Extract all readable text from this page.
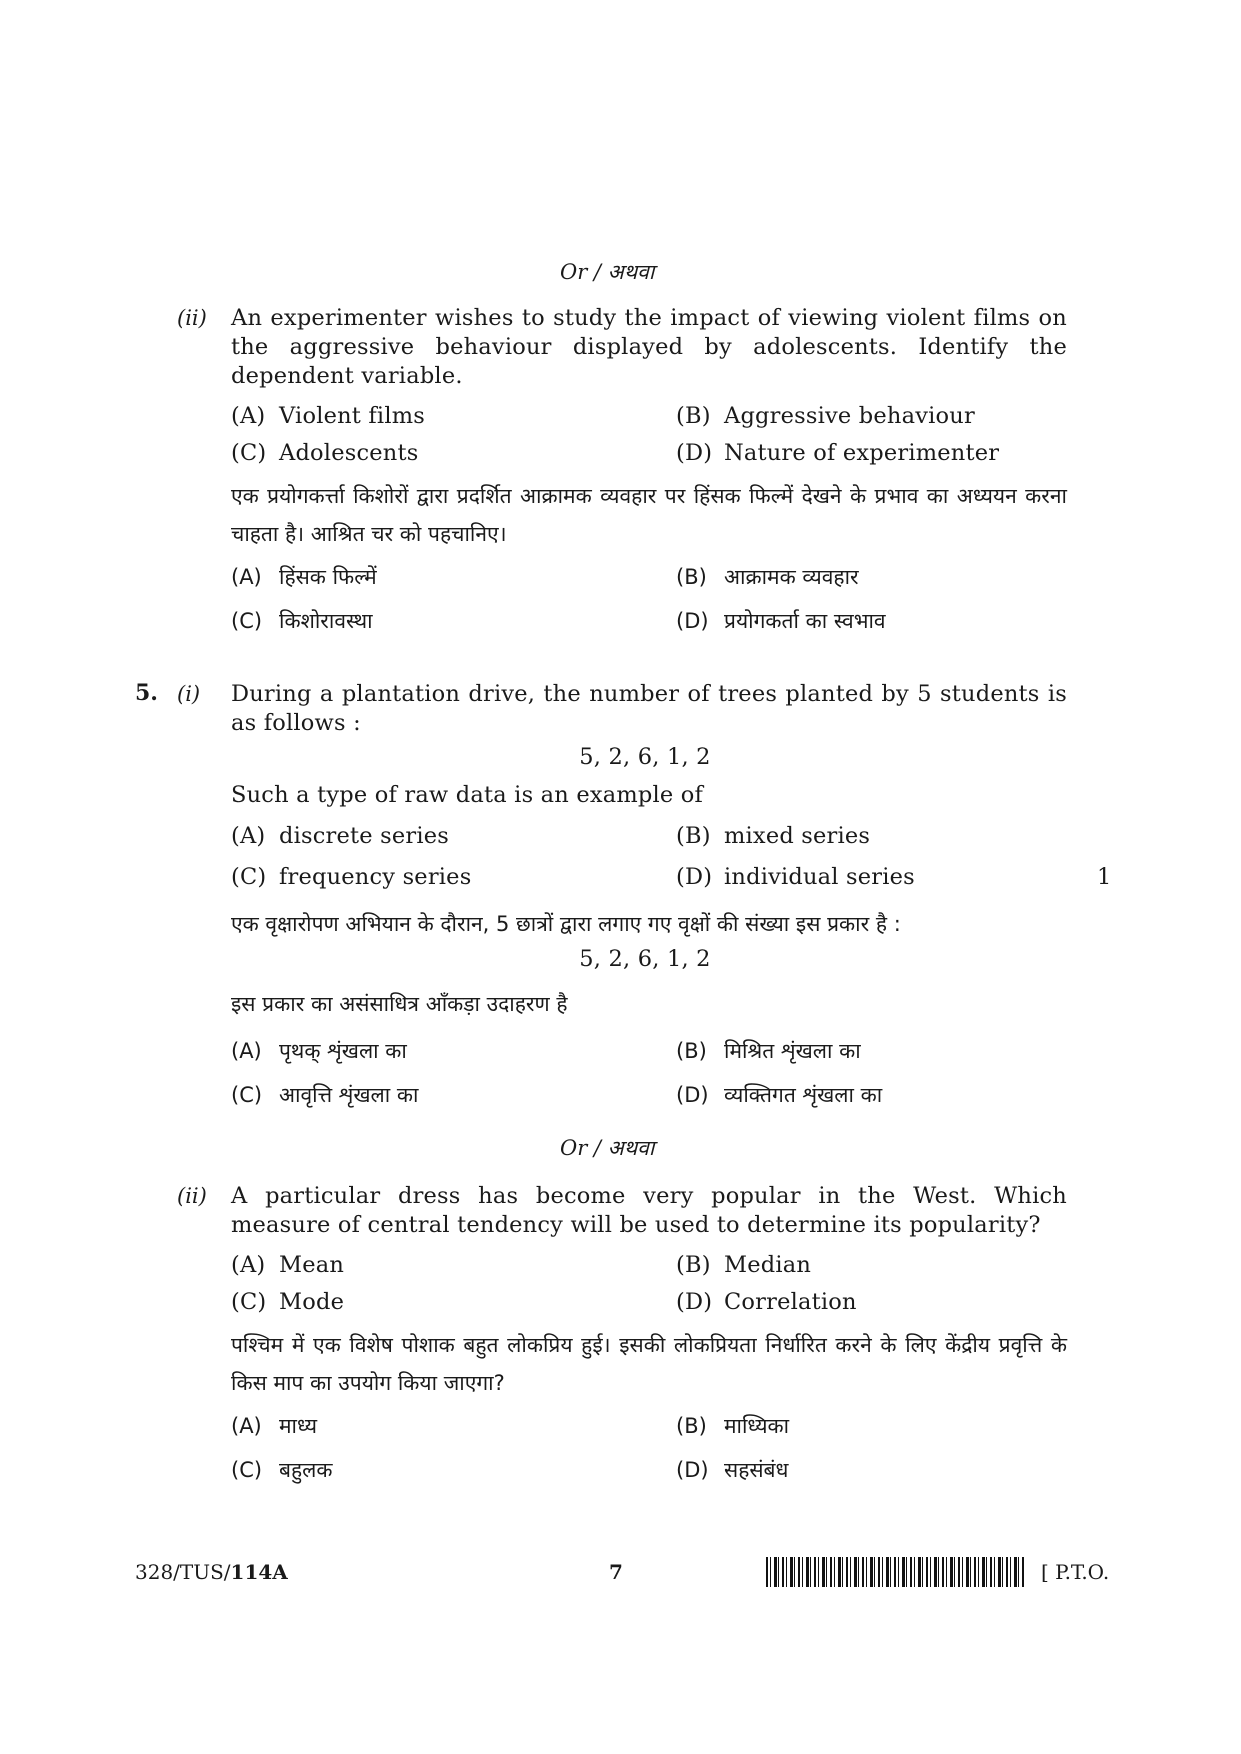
Or / अथवा
(ii) An experimenter wishes to study the impact of viewing violent films on the aggressive behaviour displayed by adolescents. Identify the dependent variable.
(A) Violent films	(B) Aggressive behaviour
(C) Adolescents	(D) Nature of experimenter
एक प्रयोगकर्त्ता किशोरों द्वारा प्रदर्शित आक्रामक व्यवहार पर हिंसक फिल्में देखने के प्रभाव का अध्ययन करना चाहता है। आश्रित चर को पहचानिए।
(A) हिंसक फिल्में	(B) आक्रामक व्यवहार
(C) किशोरावस्था	(D) प्रयोगकर्ता का स्वभाव
5. (i) During a plantation drive, the number of trees planted by 5 students is as follows :
5, 2, 6, 1, 2
Such a type of raw data is an example of
(A) discrete series	(B) mixed series
(C) frequency series	(D) individual series	1
एक वृक्षारोपण अभियान के दौरान, 5 छात्रों द्वारा लगाए गए वृक्षों की संख्या इस प्रकार है :
5, 2, 6, 1, 2
इस प्रकार का असंसाधित्र आँकड़ा उदाहरण है
(A) पृथक् शृंखला का	(B) मिश्रित शृंखला का
(C) आवृत्ति शृंखला का	(D) व्यक्तिगत शृंखला का
Or / अथवा
(ii) A particular dress has become very popular in the West. Which measure of central tendency will be used to determine its popularity?
(A) Mean	(B) Median
(C) Mode	(D) Correlation
पश्चिम में एक विशेष पोशाक बहुत लोकप्रिय हुई। इसकी लोकप्रियता निर्धारित करने के लिए केंद्रीय प्रवृत्ति के किस माप का उपयोग किया जाएगा?
(A) माध्य	(B) माध्यिका
(C) बहुलक	(D) सहसंबंध
328/TUS/114A	7	[ P.T.O.
